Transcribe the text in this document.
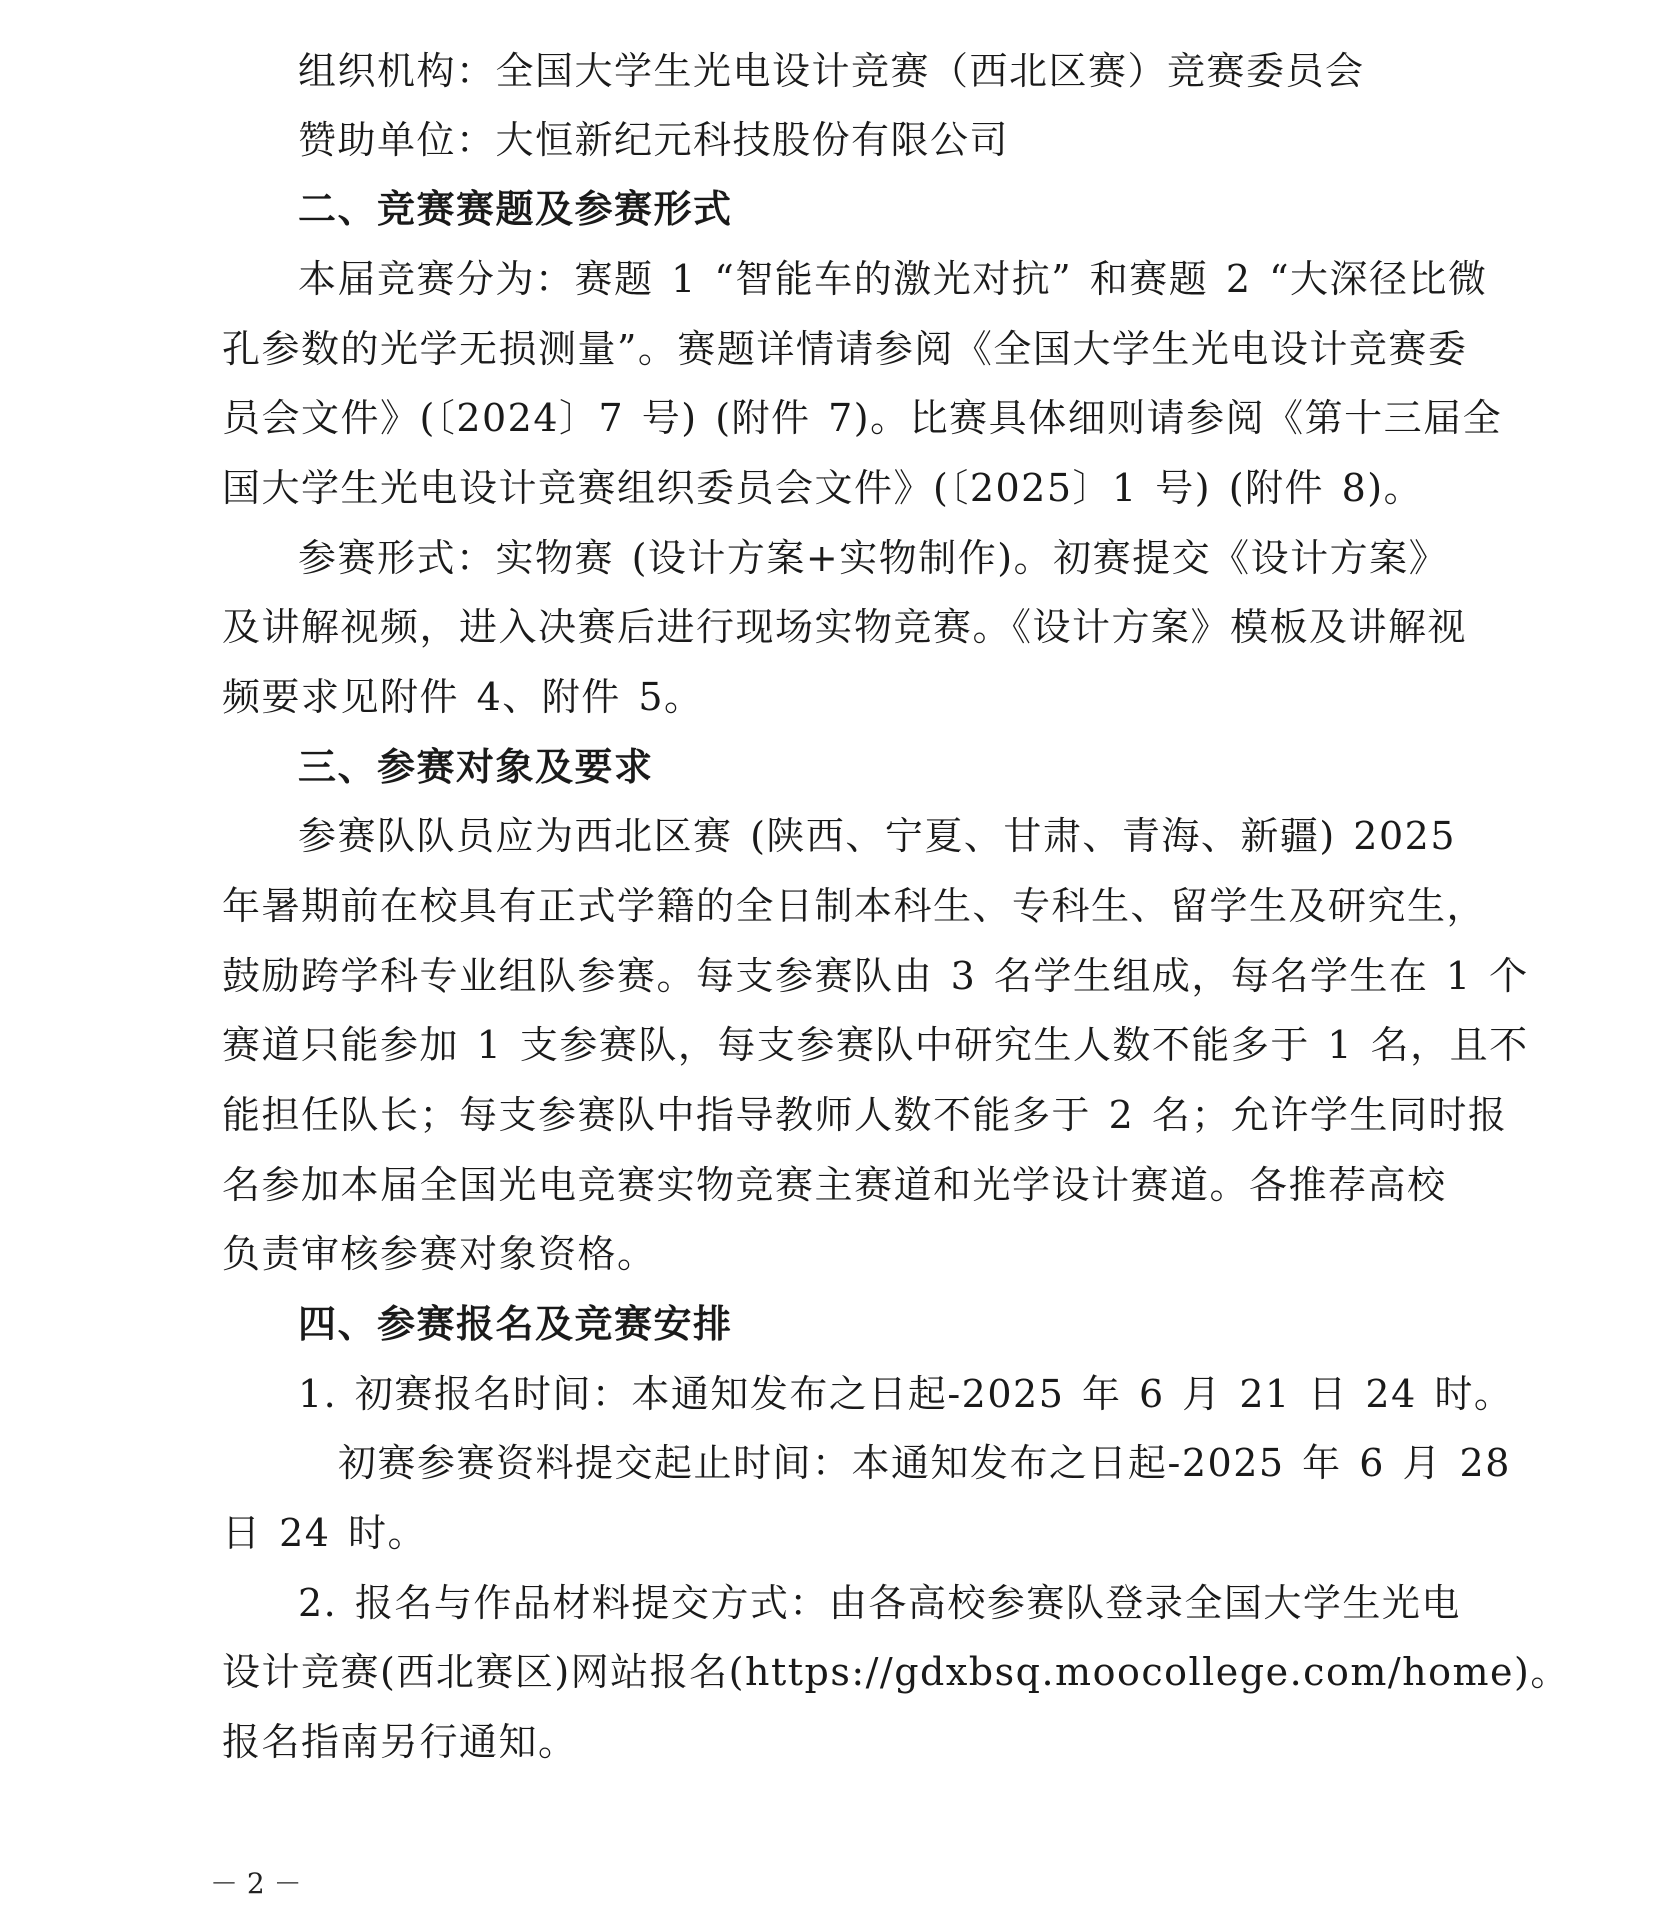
组织机构：全国大学生光电设计竞赛（西北区赛）竞赛委员会
赞助单位：大恒新纪元科技股份有限公司
二、竞赛赛题及参赛形式
本届竞赛分为：赛题 1 “智能车的激光对抗” 和赛题 2 “大深径比微
孔参数的光学无损测量”。赛题详情请参阅《全国大学生光电设计竞赛委
员会文件》(〔2024〕7 号) (附件 7)。比赛具体细则请参阅《第十三届全
国大学生光电设计竞赛组织委员会文件》(〔2025〕1 号) (附件 8)。
参赛形式：实物赛 (设计方案+实物制作)。初赛提交《设计方案》
及讲解视频，进入决赛后进行现场实物竞赛。《设计方案》模板及讲解视
频要求见附件 4、附件 5。
三、参赛对象及要求
参赛队队员应为西北区赛 (陕西、宁夏、甘肃、青海、新疆) 2025
年暑期前在校具有正式学籍的全日制本科生、专科生、留学生及研究生，
鼓励跨学科专业组队参赛。每支参赛队由 3 名学生组成，每名学生在 1 个
赛道只能参加 1 支参赛队，每支参赛队中研究生人数不能多于 1 名，且不
能担任队长；每支参赛队中指导教师人数不能多于 2 名；允许学生同时报
名参加本届全国光电竞赛实物竞赛主赛道和光学设计赛道。各推荐高校
负责审核参赛对象资格。
四、参赛报名及竞赛安排
1. 初赛报名时间：本通知发布之日起-2025 年 6 月 21 日 24 时。
初赛参赛资料提交起止时间：本通知发布之日起-2025 年 6 月 28
日 24 时。
2. 报名与作品材料提交方式：由各高校参赛队登录全国大学生光电
设计竞赛(西北赛区)网站报名(https://gdxbsq.moocollege.com/home)。
报名指南另行通知。
－ 2 －
